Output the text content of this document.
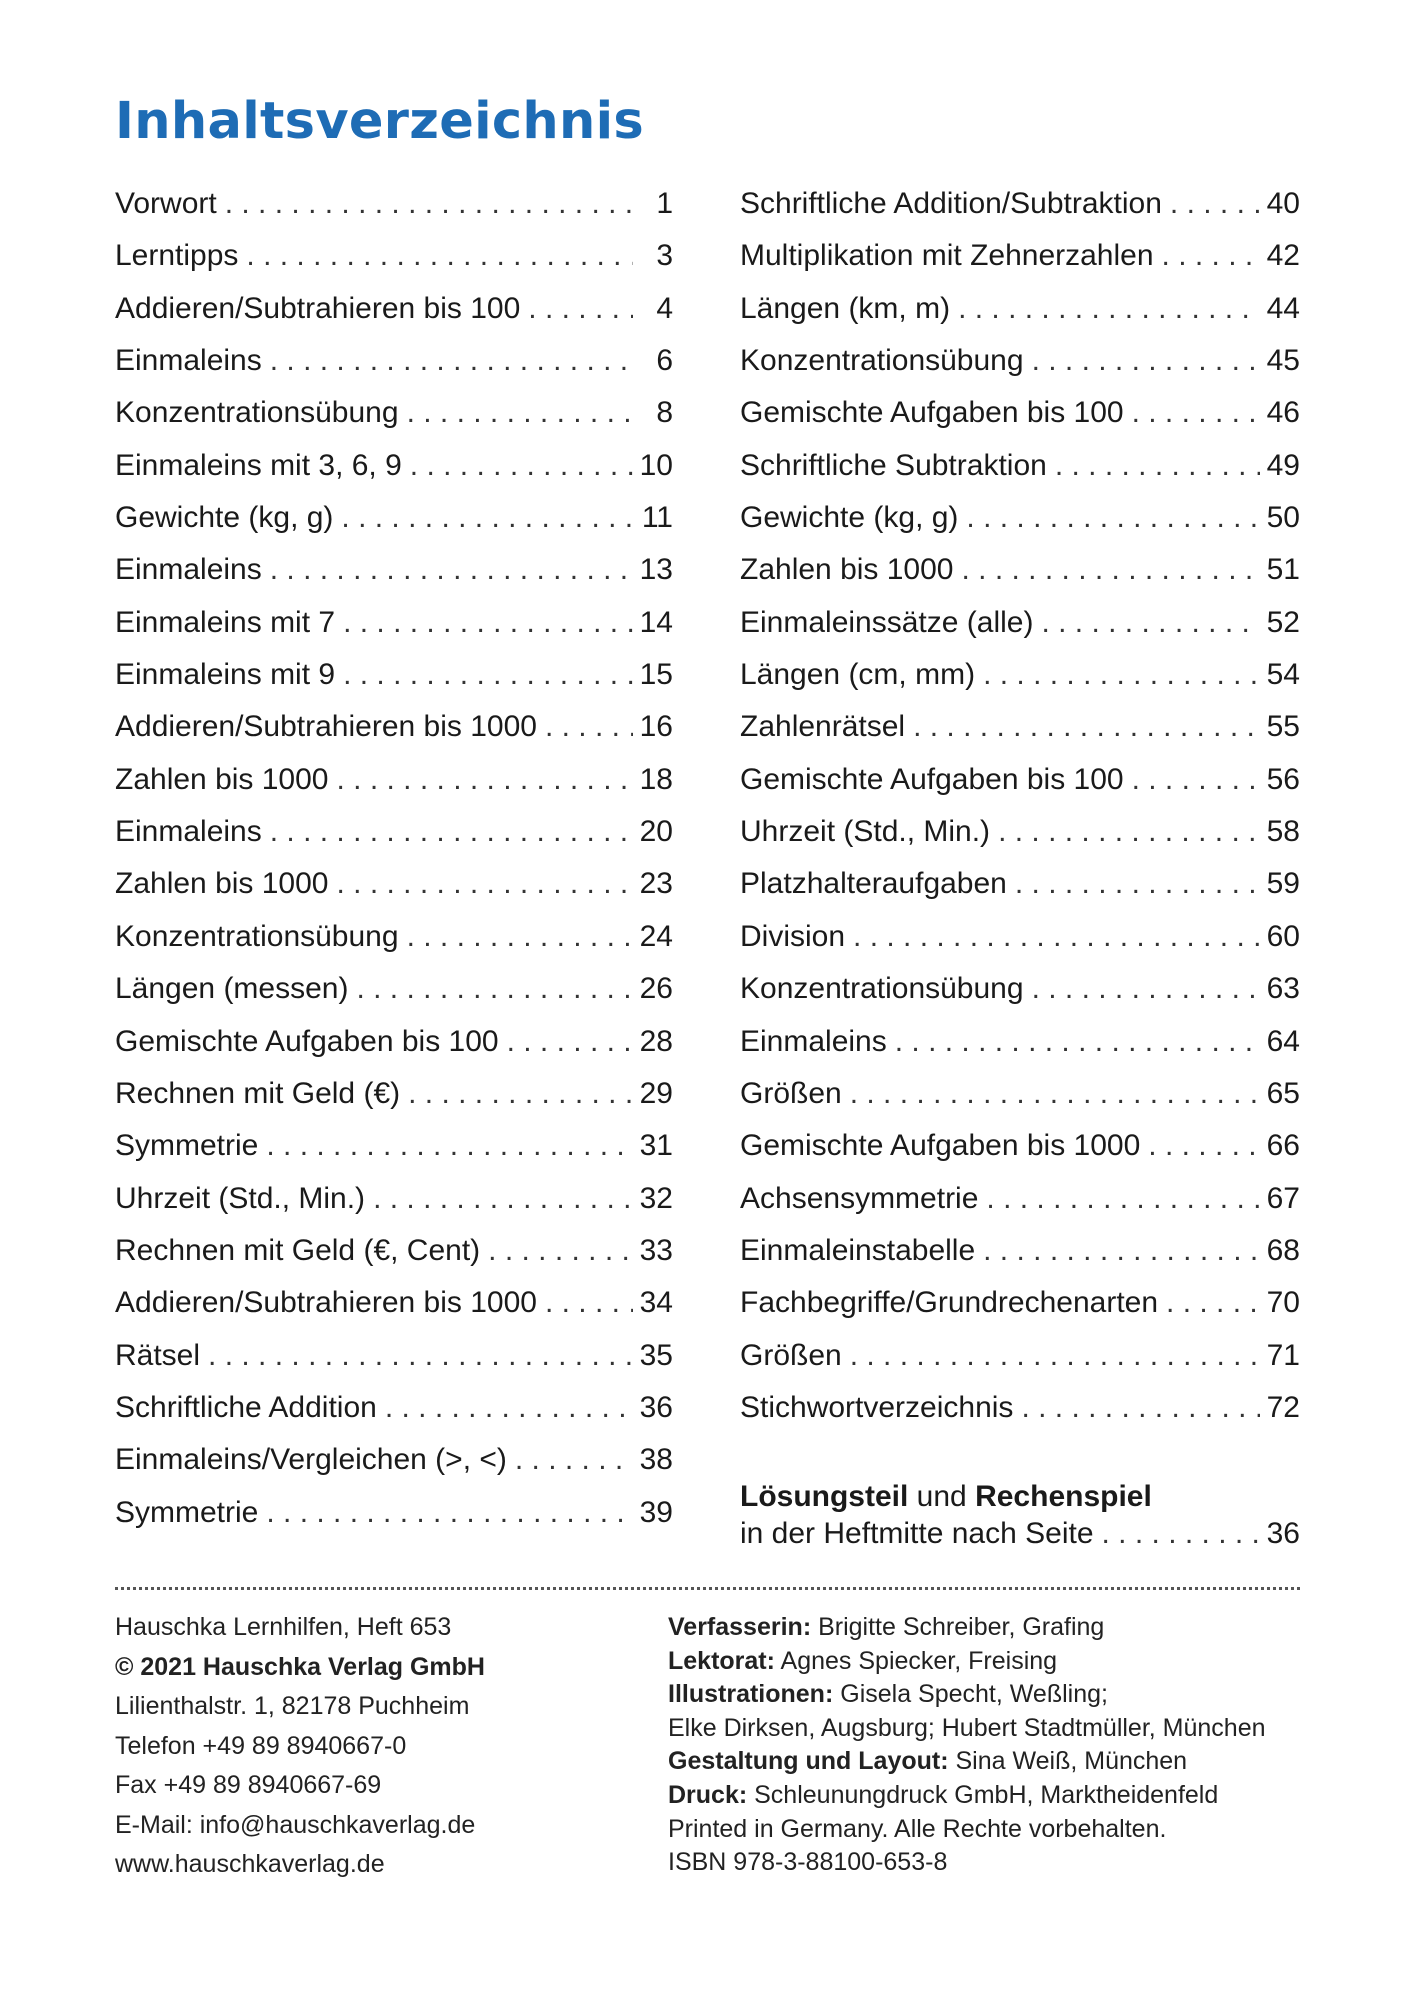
Inhaltsverzeichnis
Vorwort . . .	1
Lerntipps . . .	3
Addieren/Subtrahieren bis 100 . . .	4
Einmaleins . . .	6
Konzentrationsübung . . .	8
Einmaleins mit 3, 6, 9 . . .	10
Gewichte (kg, g) . . .	11
Einmaleins . . .	13
Einmaleins mit 7 . . .	14
Einmaleins mit 9 . . .	15
Addieren/Subtrahieren bis 1000 . . .	16
Zahlen bis 1000 . . .	18
Einmaleins . . .	20
Zahlen bis 1000 . . .	23
Konzentrationsübung . . .	24
Längen (messen) . . .	26
Gemischte Aufgaben bis 100 . . .	28
Rechnen mit Geld (€) . . .	29
Symmetrie . . .	31
Uhrzeit (Std., Min.) . . .	32
Rechnen mit Geld (€, Cent) . . .	33
Addieren/Subtrahieren bis 1000 . . .	34
Rätsel . . .	35
Schriftliche Addition . . .	36
Einmaleins/Vergleichen (>, <) . . .	38
Symmetrie . . .	39
Schriftliche Addition/Subtraktion . . .	40
Multiplikation mit Zehnerzahlen . . .	42
Längen (km, m) . . .	44
Konzentrationsübung . . .	45
Gemischte Aufgaben bis 100 . . .	46
Schriftliche Subtraktion . . .	49
Gewichte (kg, g) . . .	50
Zahlen bis 1000 . . .	51
Einmaleinssätze (alle) . . .	52
Längen (cm, mm) . . .	54
Zahlenrätsel . . .	55
Gemischte Aufgaben bis 100 . . .	56
Uhrzeit (Std., Min.) . . .	58
Platzhalteraufgaben . . .	59
Division . . .	60
Konzentrationsübung . . .	63
Einmaleins . . .	64
Größen . . .	65
Gemischte Aufgaben bis 1000 . . .	66
Achsensymmetrie . . .	67
Einmaleinstabelle . . .	68
Fachbegriffe/Grundrechenarten . . .	70
Größen . . .	71
Stichwortverzeichnis . . .	72
Lösungsteil und Rechenspiel
in der Heftmitte nach Seite . . .	36
Hauschka Lernhilfen, Heft 653
© 2021 Hauschka Verlag GmbH
Lilienthalstr. 1, 82178 Puchheim
Telefon +49 89 8940667-0
Fax +49 89 8940667-69
E-Mail: info@hauschkaverlag.de
www.hauschkaverlag.de
Verfasserin: Brigitte Schreiber, Grafing
Lektorat: Agnes Spiecker, Freising
Illustrationen: Gisela Specht, Weßling;
Elke Dirksen, Augsburg; Hubert Stadtmüller, München
Gestaltung und Layout: Sina Weiß, München
Druck: Schleunungdruck GmbH, Marktheidenfeld
Printed in Germany. Alle Rechte vorbehalten.
ISBN 978-3-88100-653-8
